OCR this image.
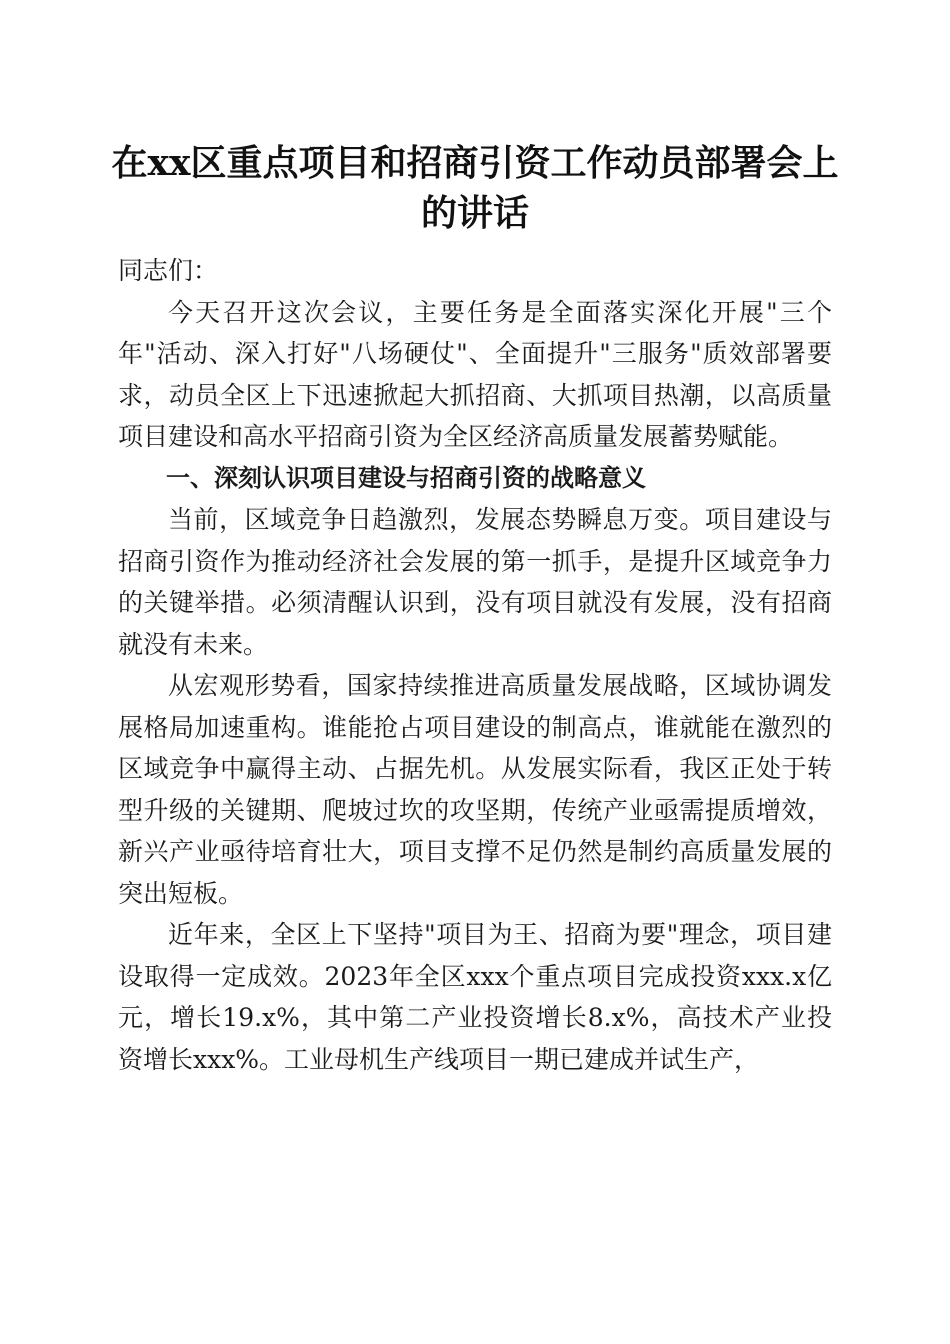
在xx区重点项目和招商引资工作动员部署会上的讲话

同志们：

今天召开这次会议，主要任务是全面落实深化开展"三个年"活动、深入打好"八场硬仗"、全面提升"三服务"质效部署要求，动员全区上下迅速掀起大抓招商、大抓项目热潮，以高质量项目建设和高水平招商引资为全区经济高质量发展蓄势赋能。

一、深刻认识项目建设与招商引资的战略意义

当前，区域竞争日趋激烈，发展态势瞬息万变。项目建设与招商引资作为推动经济社会发展的第一抓手，是提升区域竞争力的关键举措。必须清醒认识到，没有项目就没有发展，没有招商就没有未来。

从宏观形势看，国家持续推进高质量发展战略，区域协调发展格局加速重构。谁能抢占项目建设的制高点，谁就能在激烈的区域竞争中赢得主动、占据先机。从发展实际看，我区正处于转型升级的关键期、爬坡过坎的攻坚期，传统产业亟需提质增效，新兴产业亟待培育壮大，项目支撑不足仍然是制约高质量发展的突出短板。

近年来，全区上下坚持"项目为王、招商为要"理念，项目建设取得一定成效。2023年全区xxx个重点项目完成投资xxx.x亿元，增长19.x%，其中第二产业投资增长8.x%，高技术产业投资增长xxx%。工业母机生产线项目一期已建成并试生产，
